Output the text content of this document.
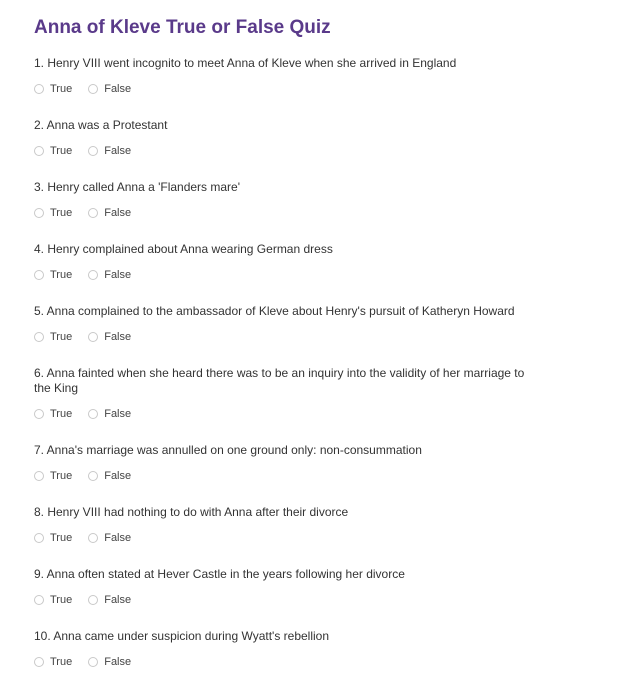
Anna of Kleve True or False Quiz
1. Henry VIII went incognito to meet Anna of Kleve when she arrived in England
True	False
2. Anna was a Protestant
True	False
3. Henry called Anna a 'Flanders mare'
True	False
4. Henry complained about Anna wearing German dress
True	False
5. Anna complained to the ambassador of Kleve about Henry's pursuit of Katheryn Howard
True	False
6. Anna fainted when she heard there was to be an inquiry into the validity of her marriage to the King
True	False
7. Anna's marriage was annulled on one ground only: non-consummation
True	False
8. Henry VIII had nothing to do with Anna after their divorce
True	False
9. Anna often stated at Hever Castle in the years following her divorce
True	False
10. Anna came under suspicion during Wyatt's rebellion
True	False
